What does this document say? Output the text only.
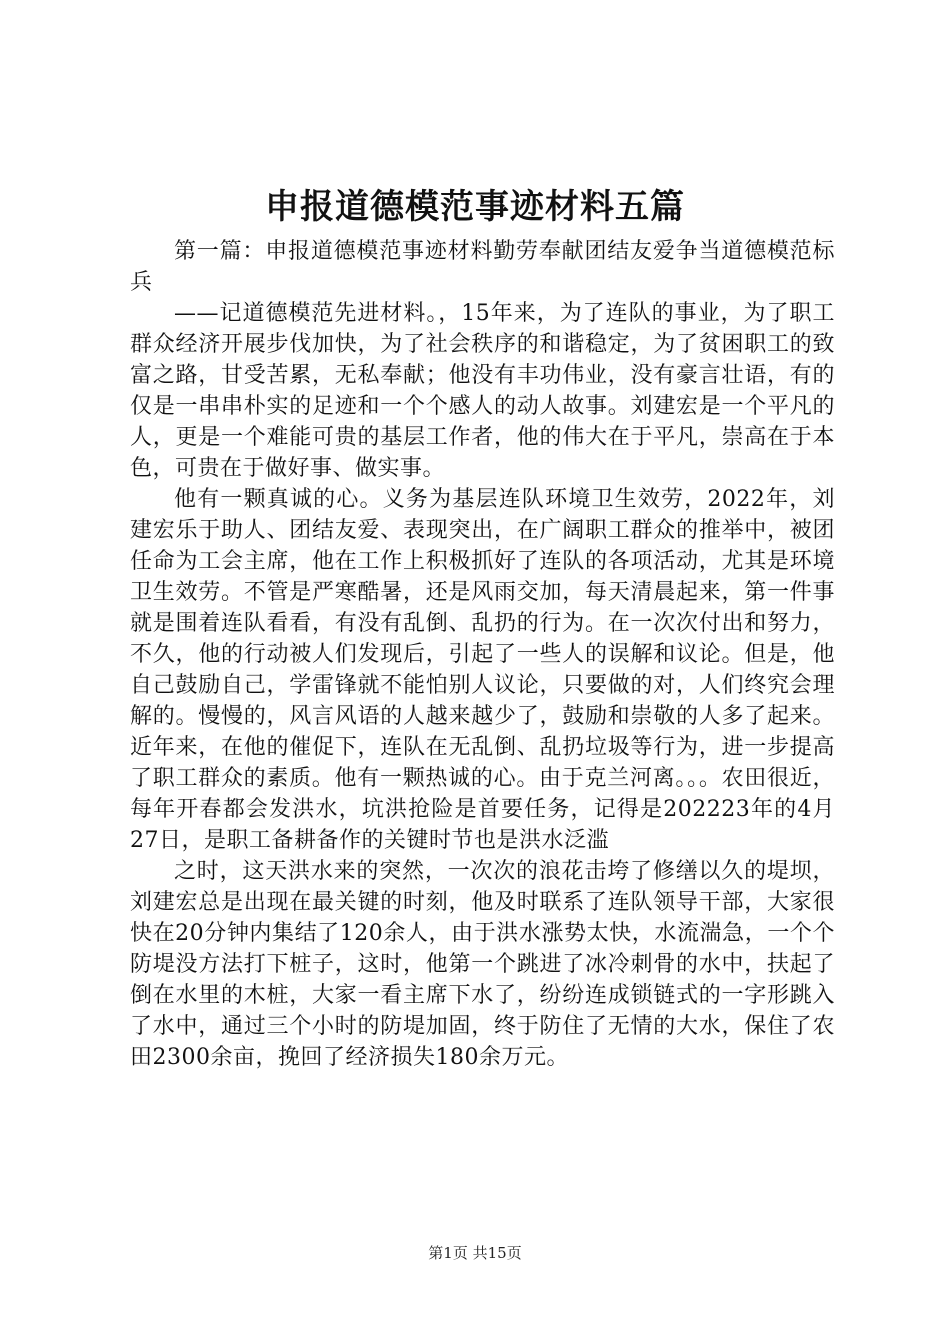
申报道德模范事迹材料五篇

第一篇：申报道德模范事迹材料勤劳奉献团结友爱争当道德模范标兵

——记道德模范先进材料。，15年来，为了连队的事业，为了职工群众经济开展步伐加快，为了社会秩序的和谐稳定，为了贫困职工的致富之路，甘受苦累，无私奉献；他没有丰功伟业，没有豪言壮语，有的仅是一串串朴实的足迹和一个个感人的动人故事。刘建宏是一个平凡的人，更是一个难能可贵的基层工作者，他的伟大在于平凡，崇高在于本色，可贵在于做好事、做实事。

他有一颗真诚的心。义务为基层连队环境卫生效劳，2022年，刘建宏乐于助人、团结友爱、表现突出，在广阔职工群众的推举中，被团任命为工会主席，他在工作上积极抓好了连队的各项活动，尤其是环境卫生效劳。不管是严寒酷暑，还是风雨交加，每天清晨起来，第一件事就是围着连队看看，有没有乱倒、乱扔的行为。在一次次付出和努力，不久，他的行动被人们发现后，引起了一些人的误解和议论。但是，他自己鼓励自己，学雷锋就不能怕别人议论，只要做的对，人们终究会理解的。慢慢的，风言风语的人越来越少了，鼓励和崇敬的人多了起来。近年来，在他的催促下，连队在无乱倒、乱扔垃圾等行为，进一步提高了职工群众的素质。他有一颗热诚的心。由于克兰河离。。。农田很近，每年开春都会发洪水，坑洪抢险是首要任务，记得是202223年的4月27日，是职工备耕备作的关键时节也是洪水泛滥

之时，这天洪水来的突然，一次次的浪花击垮了修缮以久的堤坝，刘建宏总是出现在最关键的时刻，他及时联系了连队领导干部，大家很快在20分钟内集结了120余人，由于洪水涨势太快，水流湍急，一个个防堤没方法打下桩子，这时，他第一个跳进了冰冷刺骨的水中，扶起了倒在水里的木桩，大家一看主席下水了，纷纷连成锁链式的一字形跳入了水中，通过三个小时的防堤加固，终于防住了无情的大水，保住了农田2300余亩，挽回了经济损失180余万元。

第1页 共15页
